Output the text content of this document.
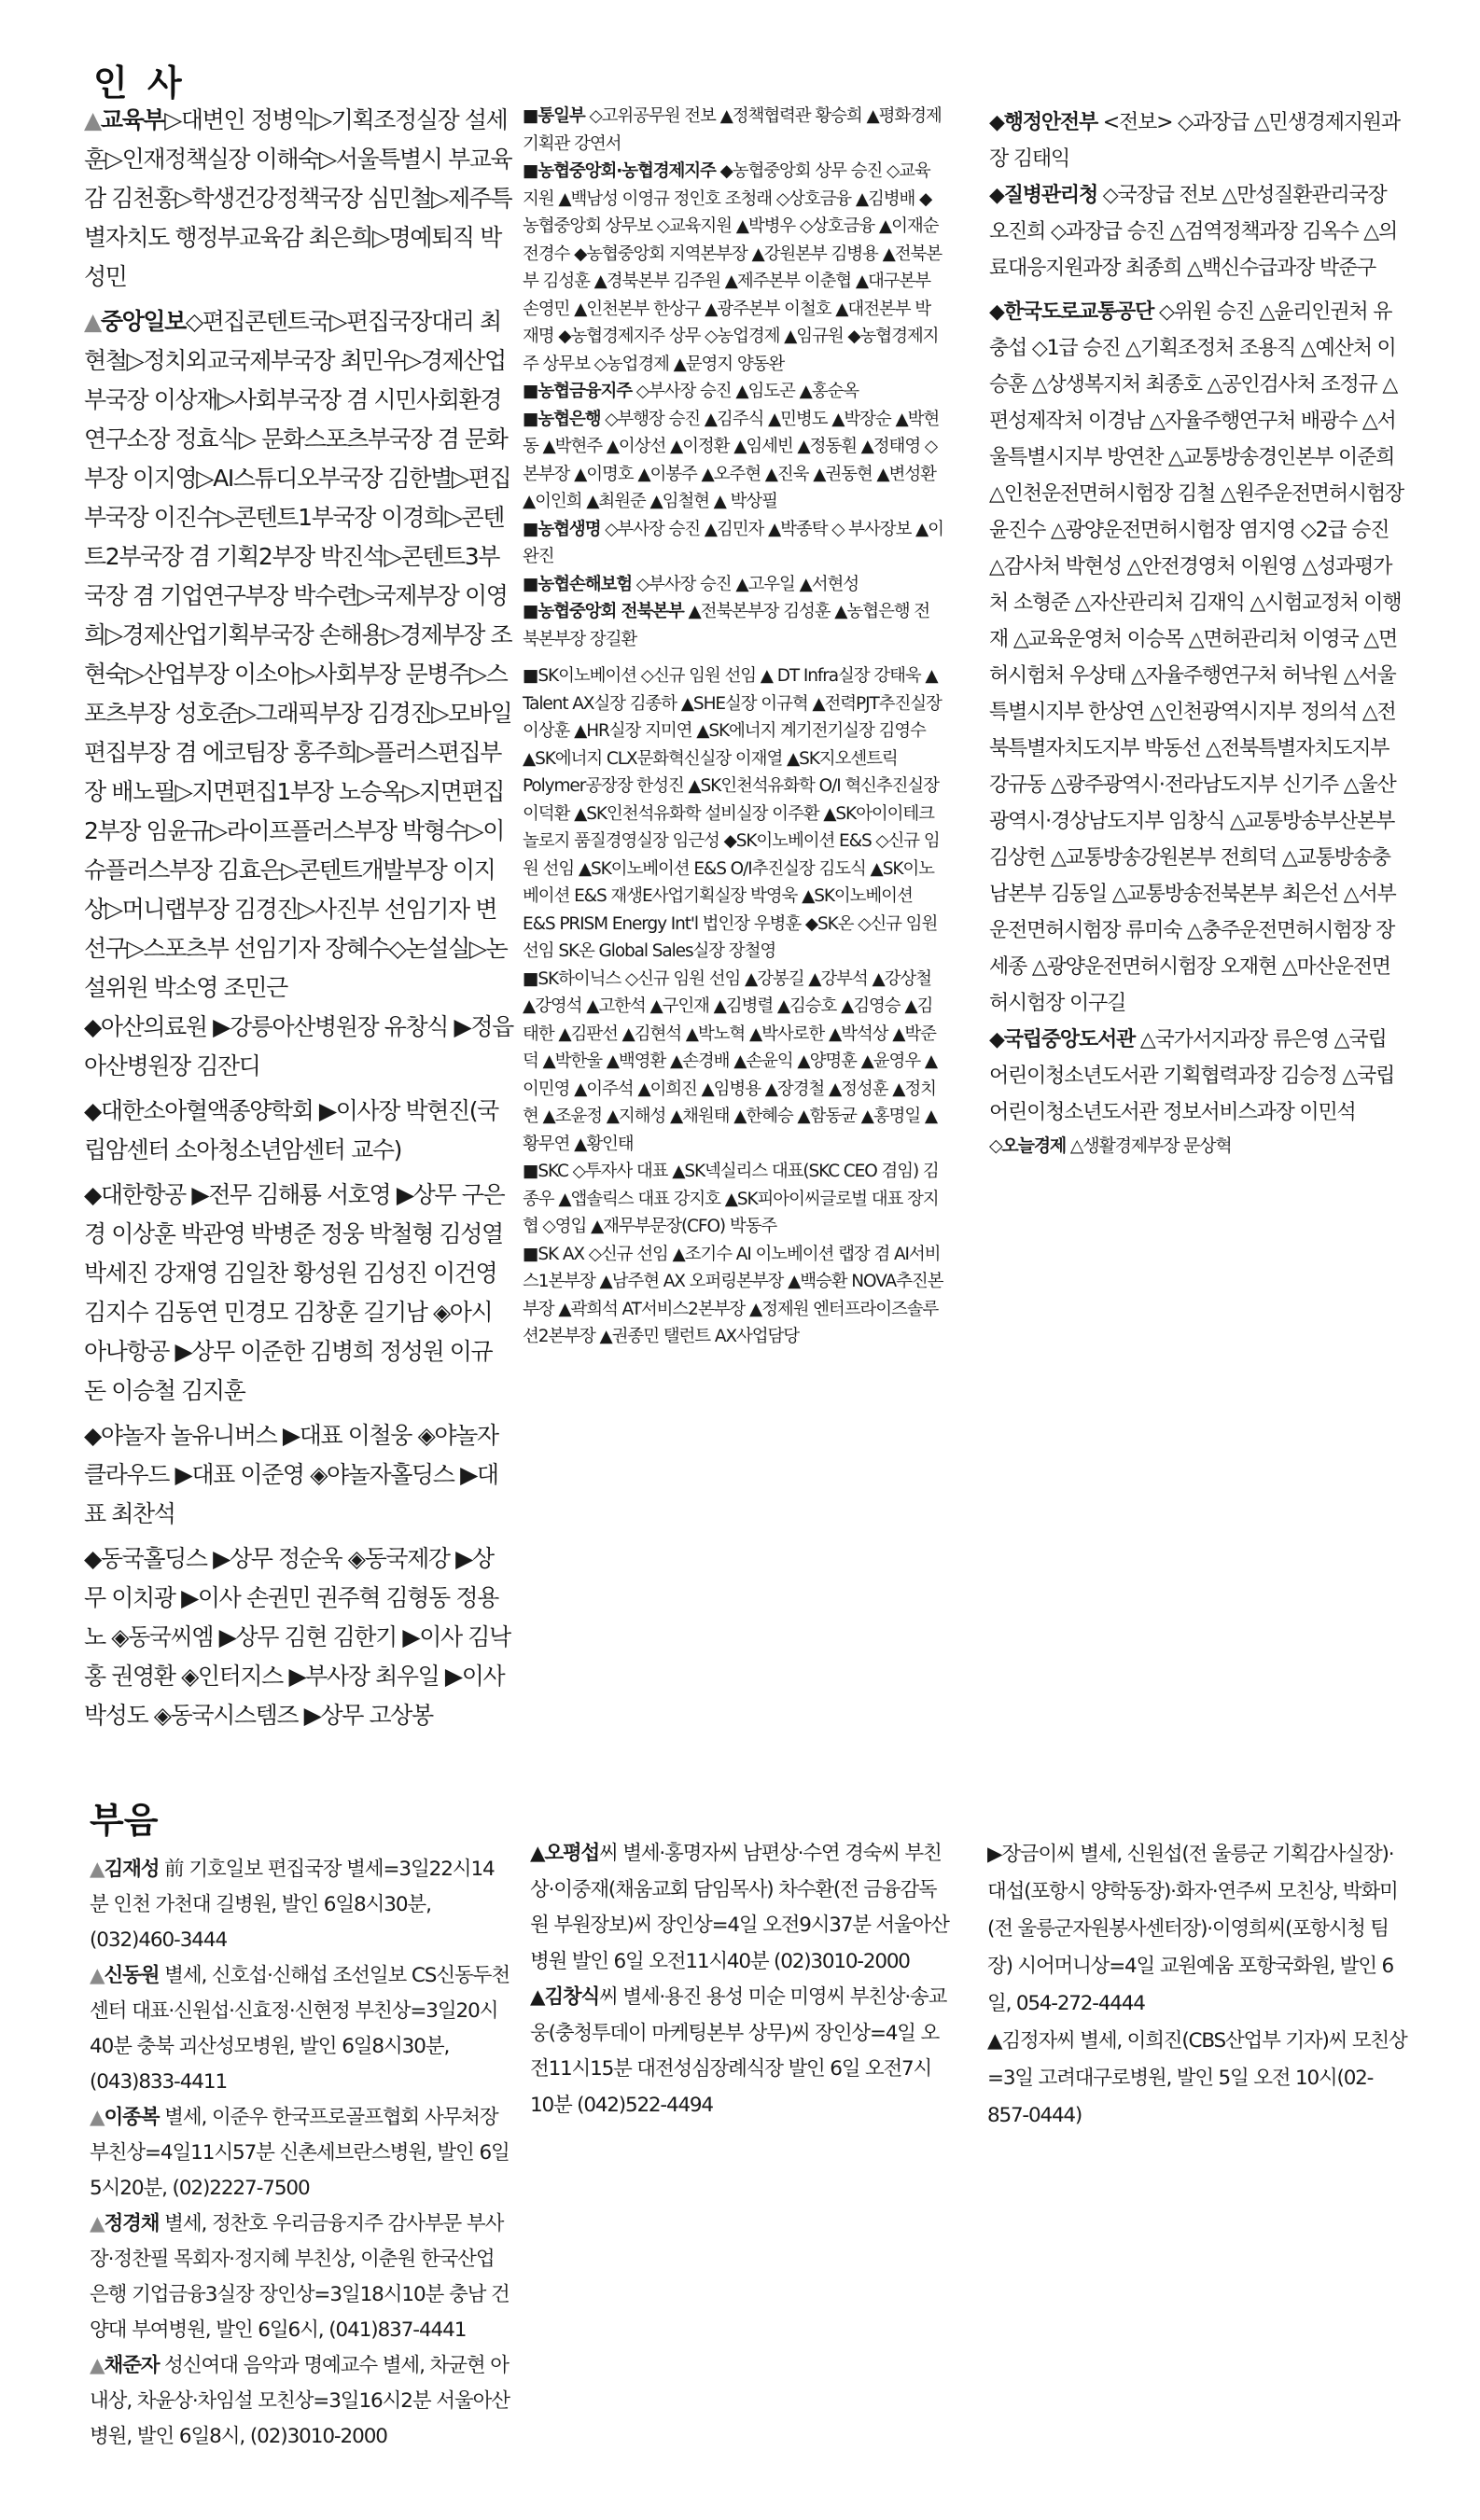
인 사

▲교육부▷대변인 정병익▷기획조정실장 설세훈▷인재정책실장 이해숙▷서울특별시 부교육감 김천홍▷학생건강정책국장 심민철▷제주특별자치도 행정부교육감 최은희▷명예퇴직 박성민

▲중앙일보◇편집콘텐트국▷편집국장대리 최현철▷정치외교국제부국장 최민우▷경제산업부국장 이상재▷사회부국장 겸 시민사회환경연구소장 정효식▷ 문화스포츠부국장 겸 문화부장 이지영▷AI스튜디오부국장 김한별▷편집부국장 이진수▷콘텐트1부국장 이경희▷콘텐트2부국장 겸 기획2부장 박진석▷콘텐트3부국장 겸 기업연구부장 박수련▷국제부장 이영희▷경제산업기획부국장 손해용▷경제부장 조현숙▷산업부장 이소아▷사회부장 문병주▷스포츠부장 성호준▷그래픽부장 김경진▷모바일편집부장 겸 에코팀장 홍주희▷플러스편집부장 배노필▷지면편집1부장 노승옥▷지면편집2부장 임윤규▷라이프플러스부장 박형수▷이슈플러스부장 김효은▷콘텐트개발부장 이지상▷머니랩부장 김경진▷사진부 선임기자 변선구▷스포츠부 선임기자 장혜수◇논설실▷논설위원 박소영 조민근

◆아산의료원 ▶강릉아산병원장 유창식 ▶정읍아산병원장 김잔디

◆대한소아혈액종양학회 ▶이사장 박현진(국립암센터 소아청소년암센터 교수)

◆대한항공 ▶전무 김해룡 서호영 ▶상무 구은경 이상훈 박관영 박병준 정웅 박철형 김성열 박세진 강재영 김일찬 황성원 김성진 이건영 김지수 김동연 민경모 김창훈 길기남 ◈아시아나항공 ▶상무 이준한 김병희 정성원 이규돈 이승철 김지훈

◆야놀자 놀유니버스 ▶대표 이철웅 ◈야놀자클라우드 ▶대표 이준영 ◈야놀자홀딩스 ▶대표 최찬석

◆동국홀딩스 ▶상무 정순욱 ◈동국제강 ▶상무 이치광 ▶이사 손권민 권주혁 김형동 정용노 ◈동국씨엠 ▶상무 김현 김한기 ▶이사 김낙홍 권영환 ◈인터지스 ▶부사장 최우일 ▶이사 박성도 ◈동국시스템즈 ▶상무 고상봉

■통일부 ◇고위공무원 전보 ▲정책협력관 황승희 ▲평화경제기획관 강연서

■농협중앙회·농협경제지주 ◆농협중앙회 상무 승진 ◇교육지원 ▲백남성 이영규 정인호 조청래 ◇상호금융 ▲김병배 ◆농협중앙회 상무보 ◇교육지원 ▲박병우 ◇상호금융 ▲이재순 전경수 ◆농협중앙회 지역본부장 ▲강원본부 김병용 ▲전북본부 김성훈 ▲경북본부 김주원 ▲제주본부 이춘협 ▲대구본부 손영민 ▲인천본부 한상구 ▲광주본부 이철호 ▲대전본부 박재명 ◆농협경제지주 상무 ◇농업경제 ▲임규원 ◆농협경제지주 상무보 ◇농업경제 ▲문영지 양동완

■농협금융지주 ◇부사장 승진 ▲임도곤 ▲홍순옥

■농협은행 ◇부행장 승진 ▲김주식 ▲민병도 ▲박장순 ▲박현동 ▲박현주 ▲이상선 ▲이정환 ▲임세빈 ▲정동훤 ▲정태영 ◇본부장 ▲이명호 ▲이봉주 ▲오주현 ▲진욱 ▲권동현 ▲변성환 ▲이인희 ▲최원준 ▲임철현 ▲ 박상필

■농협생명 ◇부사장 승진 ▲김민자 ▲박종탁 ◇ 부사장보 ▲이완진

■농협손해보험 ◇부사장 승진 ▲고우일 ▲서현성

■농협중앙회 전북본부 ▲전북본부장 김성훈 ▲농협은행 전북본부장 장길환

■SK이노베이션 ◇신규 임원 선임 ▲ DT Infra실장 강태욱 ▲ Talent AX실장 김종하 ▲SHE실장 이규혁 ▲전력PJT추진실장 이상훈 ▲HR실장 지미연 ▲SK에너지 계기전기실장 김영수 ▲SK에너지 CLX문화혁신실장 이재열 ▲SK지오센트릭 Polymer공장장 한성진 ▲SK인천석유화학 O/I 혁신추진실장 이덕환 ▲SK인천석유화학 설비실장 이주환 ▲SK아이이테크놀로지 품질경영실장 임근성 ◆SK이노베이션 E&S ◇신규 임원 선임 ▲SK이노베이션 E&S O/I추진실장 김도식 ▲SK이노베이션 E&S 재생E사업기획실장 박영욱 ▲SK이노베이션 E&S PRISM Energy Int'l 법인장 우병훈 ◆SK온 ◇신규 임원 선임 SK온 Global Sales실장 장철영

■SK하이닉스 ◇신규 임원 선임 ▲강봉길 ▲강부석 ▲강상철 ▲강영석 ▲고한석 ▲구인재 ▲김병렬 ▲김승호 ▲김영승 ▲김태한 ▲김판선 ▲김현석 ▲박노혁 ▲박사로한 ▲박석상 ▲박준덕 ▲박한울 ▲백영환 ▲손경배 ▲손윤익 ▲양명훈 ▲윤영우 ▲이민영 ▲이주석 ▲이희진 ▲임병용 ▲장경철 ▲정성훈 ▲정치현 ▲조윤정 ▲지해성 ▲채원태 ▲한혜승 ▲함동균 ▲홍명일 ▲황무연 ▲황인태

■SKC ◇투자사 대표 ▲SK넥실리스 대표(SKC CEO 겸임) 김종우 ▲앱솔릭스 대표 강지호 ▲SK피아이씨글로벌 대표 장지협 ◇영입 ▲재무부문장(CFO) 박동주

■SK AX ◇신규 선임 ▲조기수 AI 이노베이션 랩장 겸 AI서비스1본부장 ▲남주현 AX 오퍼링본부장 ▲백승환 NOVA추진본부장 ▲곽희석 AT서비스2본부장 ▲정제원 엔터프라이즈솔루션2본부장 ▲권종민 탤런트 AX사업담당

◆행정안전부 <전보> ◇과장급 △민생경제지원과장 김태익

◆질병관리청 ◇국장급 전보 △만성질환관리국장 오진희 ◇과장급 승진 △검역정책과장 김옥수 △의료대응지원과장 최종희 △백신수급과장 박준구

◆한국도로교통공단 ◇위원 승진 △윤리인권처 유충섭 ◇1급 승진 △기획조정처 조용직 △예산처 이승훈 △상생복지처 최종호 △공인검사처 조정규 △편성제작처 이경남 △자율주행연구처 배광수 △서울특별시지부 방연찬 △교통방송경인본부 이준희 △인천운전면허시험장 김철 △원주운전면허시험장 윤진수 △광양운전면허시험장 염지영 ◇2급 승진 △감사처 박현성 △안전경영처 이원영 △성과평가처 소형준 △자산관리처 김재익 △시험교정처 이행재 △교육운영처 이승목 △면허관리처 이영국 △면허시험처 우상태 △자율주행연구처 허낙원 △서울특별시지부 한상연 △인천광역시지부 정의석 △전북특별자치도지부 박동선 △전북특별자치도지부 강규동 △광주광역시·전라남도지부 신기주 △울산광역시·경상남도지부 임창식 △교통방송부산본부 김상헌 △교통방송강원본부 전희덕 △교통방송충남본부 김동일 △교통방송전북본부 최은선 △서부운전면허시험장 류미숙 △충주운전면허시험장 장세종 △광양운전면허시험장 오재현 △마산운전면허시험장 이구길

◆국립중앙도서관 △국가서지과장 류은영 △국립어린이청소년도서관 기획협력과장 김승정 △국립어린이청소년도서관 정보서비스과장 이민석

◇오늘경제 △생활경제부장 문상혁

부음

▲김재성 前 기호일보 편집국장 별세=3일22시14분 인천 가천대 길병원, 발인 6일8시30분, (032)460-3444

▲신동원 별세, 신호섭·신해섭 조선일보 CS신동두천센터 대표·신원섭·신효정·신현정 부친상=3일20시40분 충북 괴산성모병원, 발인 6일8시30분, (043)833-4411

▲이종복 별세, 이준우 한국프로골프협회 사무처장 부친상=4일11시57분 신촌세브란스병원, 발인 6일5시20분, (02)2227-7500

▲정경채 별세, 정찬호 우리금융지주 감사부문 부사장·정찬필 목회자·정지혜 부친상, 이춘원 한국산업은행 기업금융3실장 장인상=3일18시10분 충남 건양대 부여병원, 발인 6일6시, (041)837-4441

▲채준자 성신여대 음악과 명예교수 별세, 차균현 아내상, 차윤상·차임설 모친상=3일16시2분 서울아산병원, 발인 6일8시, (02)3010-2000

▲오평섭씨 별세·홍명자씨 남편상·수연 경숙씨 부친상·이중재(채움교회 담임목사) 차수환(전 금융감독원 부원장보)씨 장인상=4일 오전9시37분 서울아산병원 발인 6일 오전11시40분 (02)3010-2000

▲김창식씨 별세·용진 용성 미순 미영씨 부친상·송교웅(충청투데이 마케팅본부 상무)씨 장인상=4일 오전11시15분 대전성심장례식장 발인 6일 오전7시10분 (042)522-4494

▶장금이씨 별세, 신원섭(전 울릉군 기획감사실장)·대섭(포항시 양학동장)·화자·연주씨 모친상, 박화미(전 울릉군자원봉사센터장)·이영희씨(포항시청 팀장) 시어머니상=4일 교원예움 포항국화원, 발인 6일, 054-272-4444

▲김정자씨 별세, 이희진(CBS산업부 기자)씨 모친상=3일 고려대구로병원, 발인 5일 오전 10시(02-857-0444)
